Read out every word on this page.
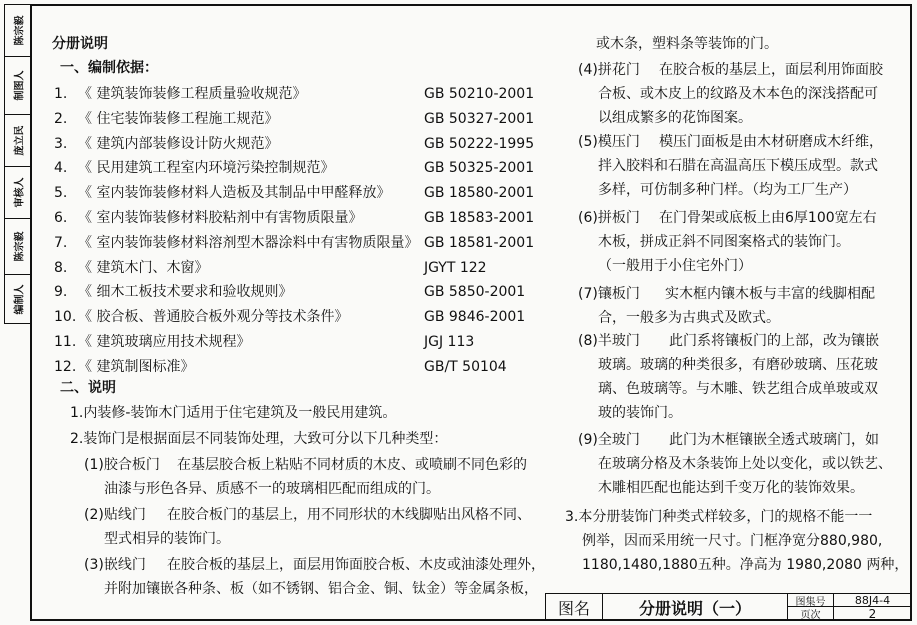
陈宗毅
制图人
庞立民
审核人
陈宗毅
编制人
分册说明
一、编制依据：
1. 《 建筑装饰装修工程质量验收规范》	GB 50210-2001
2. 《 住宅装饰装修工程施工规范》	GB 50327-2001
3. 《 建筑内部装修设计防火规范》	GB 50222-1995
4. 《 民用建筑工程室内环境污染控制规范》	GB 50325-2001
5. 《 室内装饰装修材料人造板及其制品中甲醛释放》 GB 18580-2001
6. 《 室内装饰装修材料胶粘剂中有害物质限量》	GB 18583-2001
7. 《 室内装饰装修材料溶剂型木器涂料中有害物质限量》 GB 18581-2001
8. 《 建筑木门、木窗》	JGYT 122
9. 《 细木工板技术要求和验收规则》	GB 5850-2001
10. 《 胶合板、普通胶合板外观分等技术条件》	GB 9846-2001
11. 《 建筑玻璃应用技术规程》	JGJ 113
12. 《 建筑制图标准》	GB/T 50104
二、说明
1.内装修-装饰木门适用于住宅建筑及一般民用建筑。
2.装饰门是根据面层不同装饰处理，大致可分以下几种类型：
(1)胶合板门 在基层胶合板上粘贴不同材质的木皮、或喷刷不同色彩的
油漆与形色各异、质感不一的玻璃相匹配而组成的门。
(2)贴线门 在胶合板门的基层上，用不同形状的木线脚贴出风格不同、
型式相异的装饰门。
(3)嵌线门 在胶合板的基层上，面层用饰面胶合板、木皮或油漆处理外，
并附加镶嵌各种条、板（如不锈钢、铝合金、铜、钛金）等金属条板，
或木条，塑料条等装饰的门。
(4)拼花门 在胶合板的基层上，面层利用饰面胶
合板、或木皮上的纹路及木本色的深浅搭配可
以组成繁多的花饰图案。
(5)模压门 模压门面板是由木材研磨成木纤维，
拌入胶料和石腊在高温高压下模压成型。款式
多样，可仿制多种门样。（均为工厂生产）
(6)拼板门 在门骨架或底板上由6厚100宽左右
木板，拼成正斜不同图案格式的装饰门。
（一般用于小住宅外门）
(7)镶板门 实木框内镶木板与丰富的线脚相配
合，一般多为古典式及欧式。
(8)半玻门 此门系将镶板门的上部，改为镶嵌
玻璃。玻璃的种类很多，有磨砂玻璃、压花玻
璃、色玻璃等。与木雕、铁艺组合成单玻或双
玻的装饰门。
(9)全玻门 此门为木框镶嵌全透式玻璃门，如
在玻璃分格及木条装饰上处以变化，或以铁艺、
木雕相匹配也能达到千变万化的装饰效果。
3.本分册装饰门种类式样较多，门的规格不能一一
例举，因而采用统一尺寸。门框净宽分880,980,
1180,1480,1880五种。净高为 1980,2080 两种，
图名	分册说明（一）	图集号	88J4-4
页次	2
